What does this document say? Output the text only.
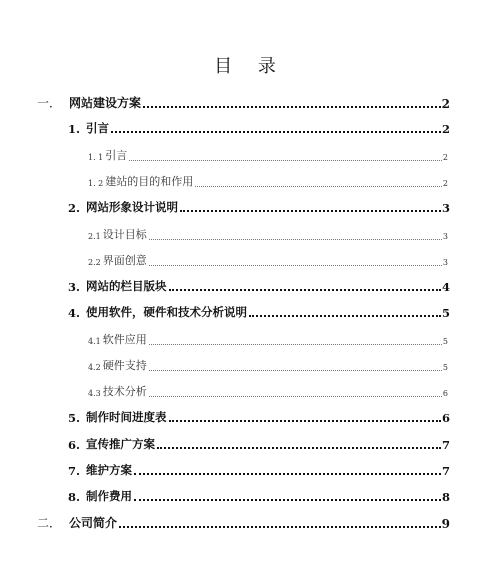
目 录
一． 网站建设方案	2
1. 引言	2
1. 1 引言	2
1. 2 建站的目的和作用	2
2. 网站形象设计说明	3
2.1 设计目标	3
2.2 界面创意	3
3. 网站的栏目版块	4
4. 使用软件，硬件和技术分析说明	5
4.1 软件应用	5
4.2 硬件支持	5
4.3 技术分析	6
5. 制作时间进度表	6
6. 宣传推广方案	7
7. 维护方案	7
8. 制作费用	8
二． 公司简介	9
